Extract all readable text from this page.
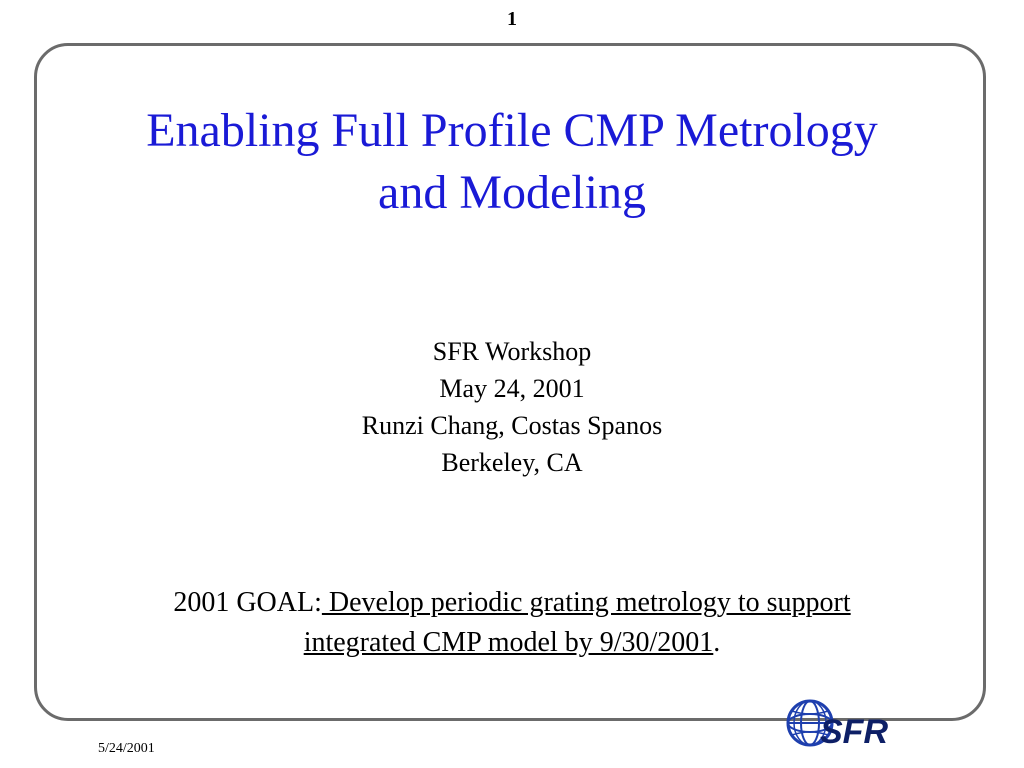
1
Enabling Full Profile CMP Metrology
and Modeling
SFR Workshop
May 24, 2001
Runzi Chang, Costas Spanos
Berkeley, CA
2001 GOAL: Develop periodic grating metrology to support
integrated CMP model by 9/30/2001.
5/24/2001	SFR
